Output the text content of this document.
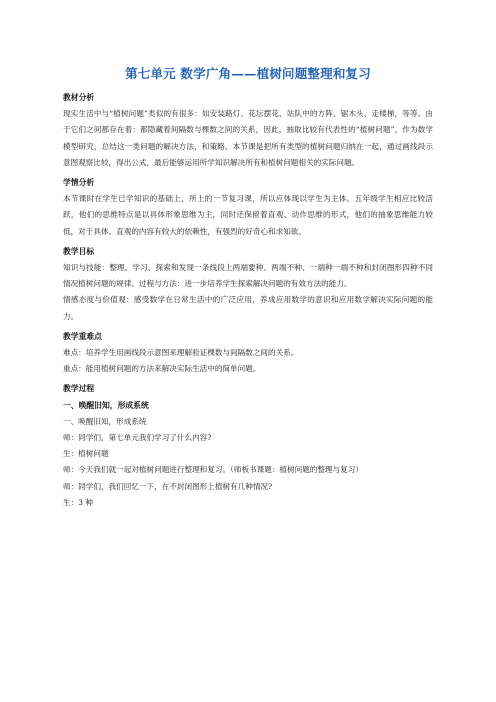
第七单元 数学广角——植树问题整理和复习

教材分析

现实生活中与“植树问题”类似的有很多：如安装路灯、花坛摆花、站队中的方阵、锯木头、走楼梯，等等。由于它们之间都存在着：都隐藏着间隔数与棵数之间的关系，因此，抽取比较有代表性的“植树问题”，作为数学模型研究，总结这一类问题的解决方法，和策略。本节课是把所有类型的植树问题归纳在一起，通过画线段示意图观察比较，得出公式，最后能够运用所学知识解决所有和植树问题相关的实际问题。

学情分析

本节课时在学生已学知识的基础上，所上的一节复习课，所以应体现以学生为主体。五年级学生相应比较活跃，他们的思维特点是以具体形象思维为主，同时还保留着直观、动作思维的形式，他们的抽象思维能力较低，对于具体、直观的内容有较大的依赖性，有强烈的好奇心和求知欲。

教学目标

知识与技能：整理、学习、探索和发现一条线段上两端要种、两端不种、一端种一端不种和封闭图形四种不同情况植树问题的规律。过程与方法：进一步培养学生探索解决问题的有效方法的能力。

情感态度与价值观：感受数学在日常生活中的广泛应用，养成应用数学的意识和应用数学解决实际问题的能力。

教学重难点

难点：培养学生用画线段示意图来理解验证棵数与间隔数之间的关系。

重点：能用植树问题的方法来解决实际生活中的简单问题。

教学过程

一、唤醒旧知，形成系统

一、唤醒旧知，形成系统

师：同学们，第七单元我们学习了什么内容?

生：植树问题

师：今天我们就一起对植树问题进行整理和复习。（师板书课题：植树问题的整理与复习）

师：同学们，我们回忆一下，在不封闭图形上植树有几种情况?

生：3 种
